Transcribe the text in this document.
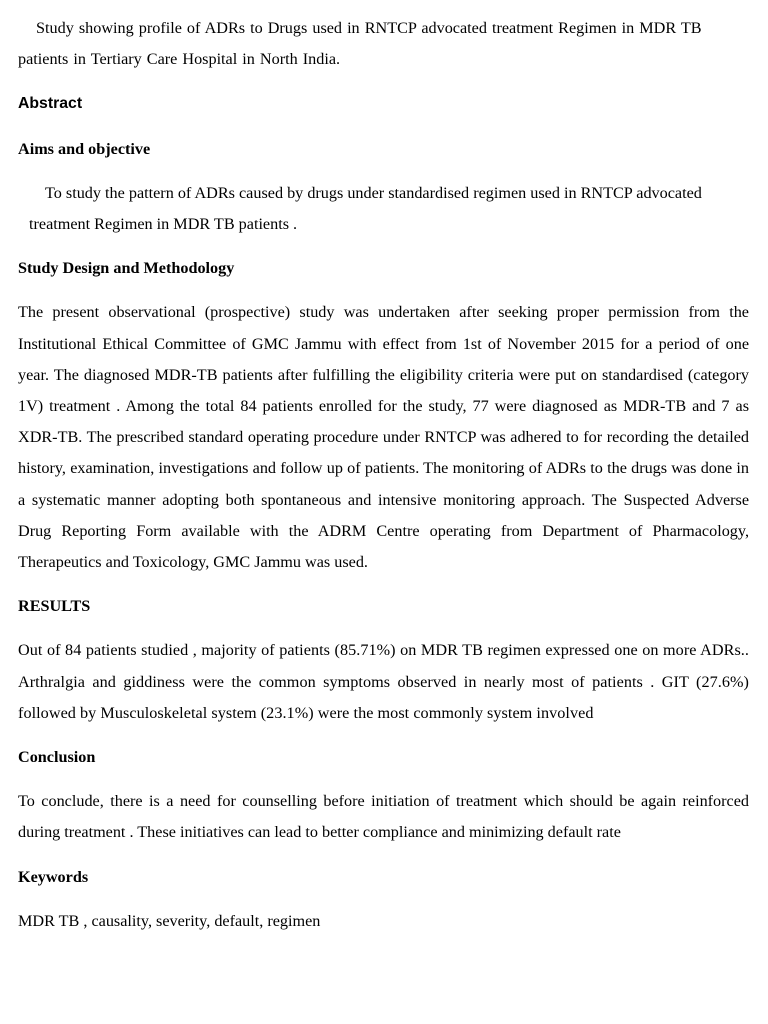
Study showing profile of ADRs to Drugs used in RNTCP advocated treatment Regimen in MDR TB patients in Tertiary Care Hospital in North India.

Abstract

Aims and objective

To study the pattern of ADRs caused by drugs under standardised regimen used in RNTCP advocated treatment Regimen in MDR TB patients .

Study Design and Methodology

The present observational (prospective) study was undertaken after seeking proper permission from the Institutional Ethical Committee of GMC Jammu with effect from 1st of November 2015 for a period of one year. The diagnosed MDR-TB patients after fulfilling the eligibility criteria were put on standardised (category 1V) treatment . Among the total 84 patients enrolled for the study, 77 were diagnosed as MDR-TB and 7 as XDR-TB. The prescribed standard operating procedure under RNTCP was adhered to for recording the detailed history, examination, investigations and follow up of patients. The monitoring of ADRs to the drugs was done in a systematic manner adopting both spontaneous and intensive monitoring approach. The Suspected Adverse Drug Reporting Form available with the ADRM Centre operating from Department of Pharmacology, Therapeutics and Toxicology, GMC Jammu was used.

RESULTS

Out of 84 patients studied , majority of patients (85.71%) on MDR TB regimen expressed one on more ADRs.. Arthralgia and giddiness were the common symptoms observed in nearly most of patients . GIT (27.6%) followed by Musculoskeletal system (23.1%) were the most commonly system involved

Conclusion

To conclude, there is a need for counselling before initiation of treatment which should be again reinforced during treatment . These initiatives can lead to better compliance and minimizing default rate

Keywords

MDR TB , causality, severity, default, regimen
